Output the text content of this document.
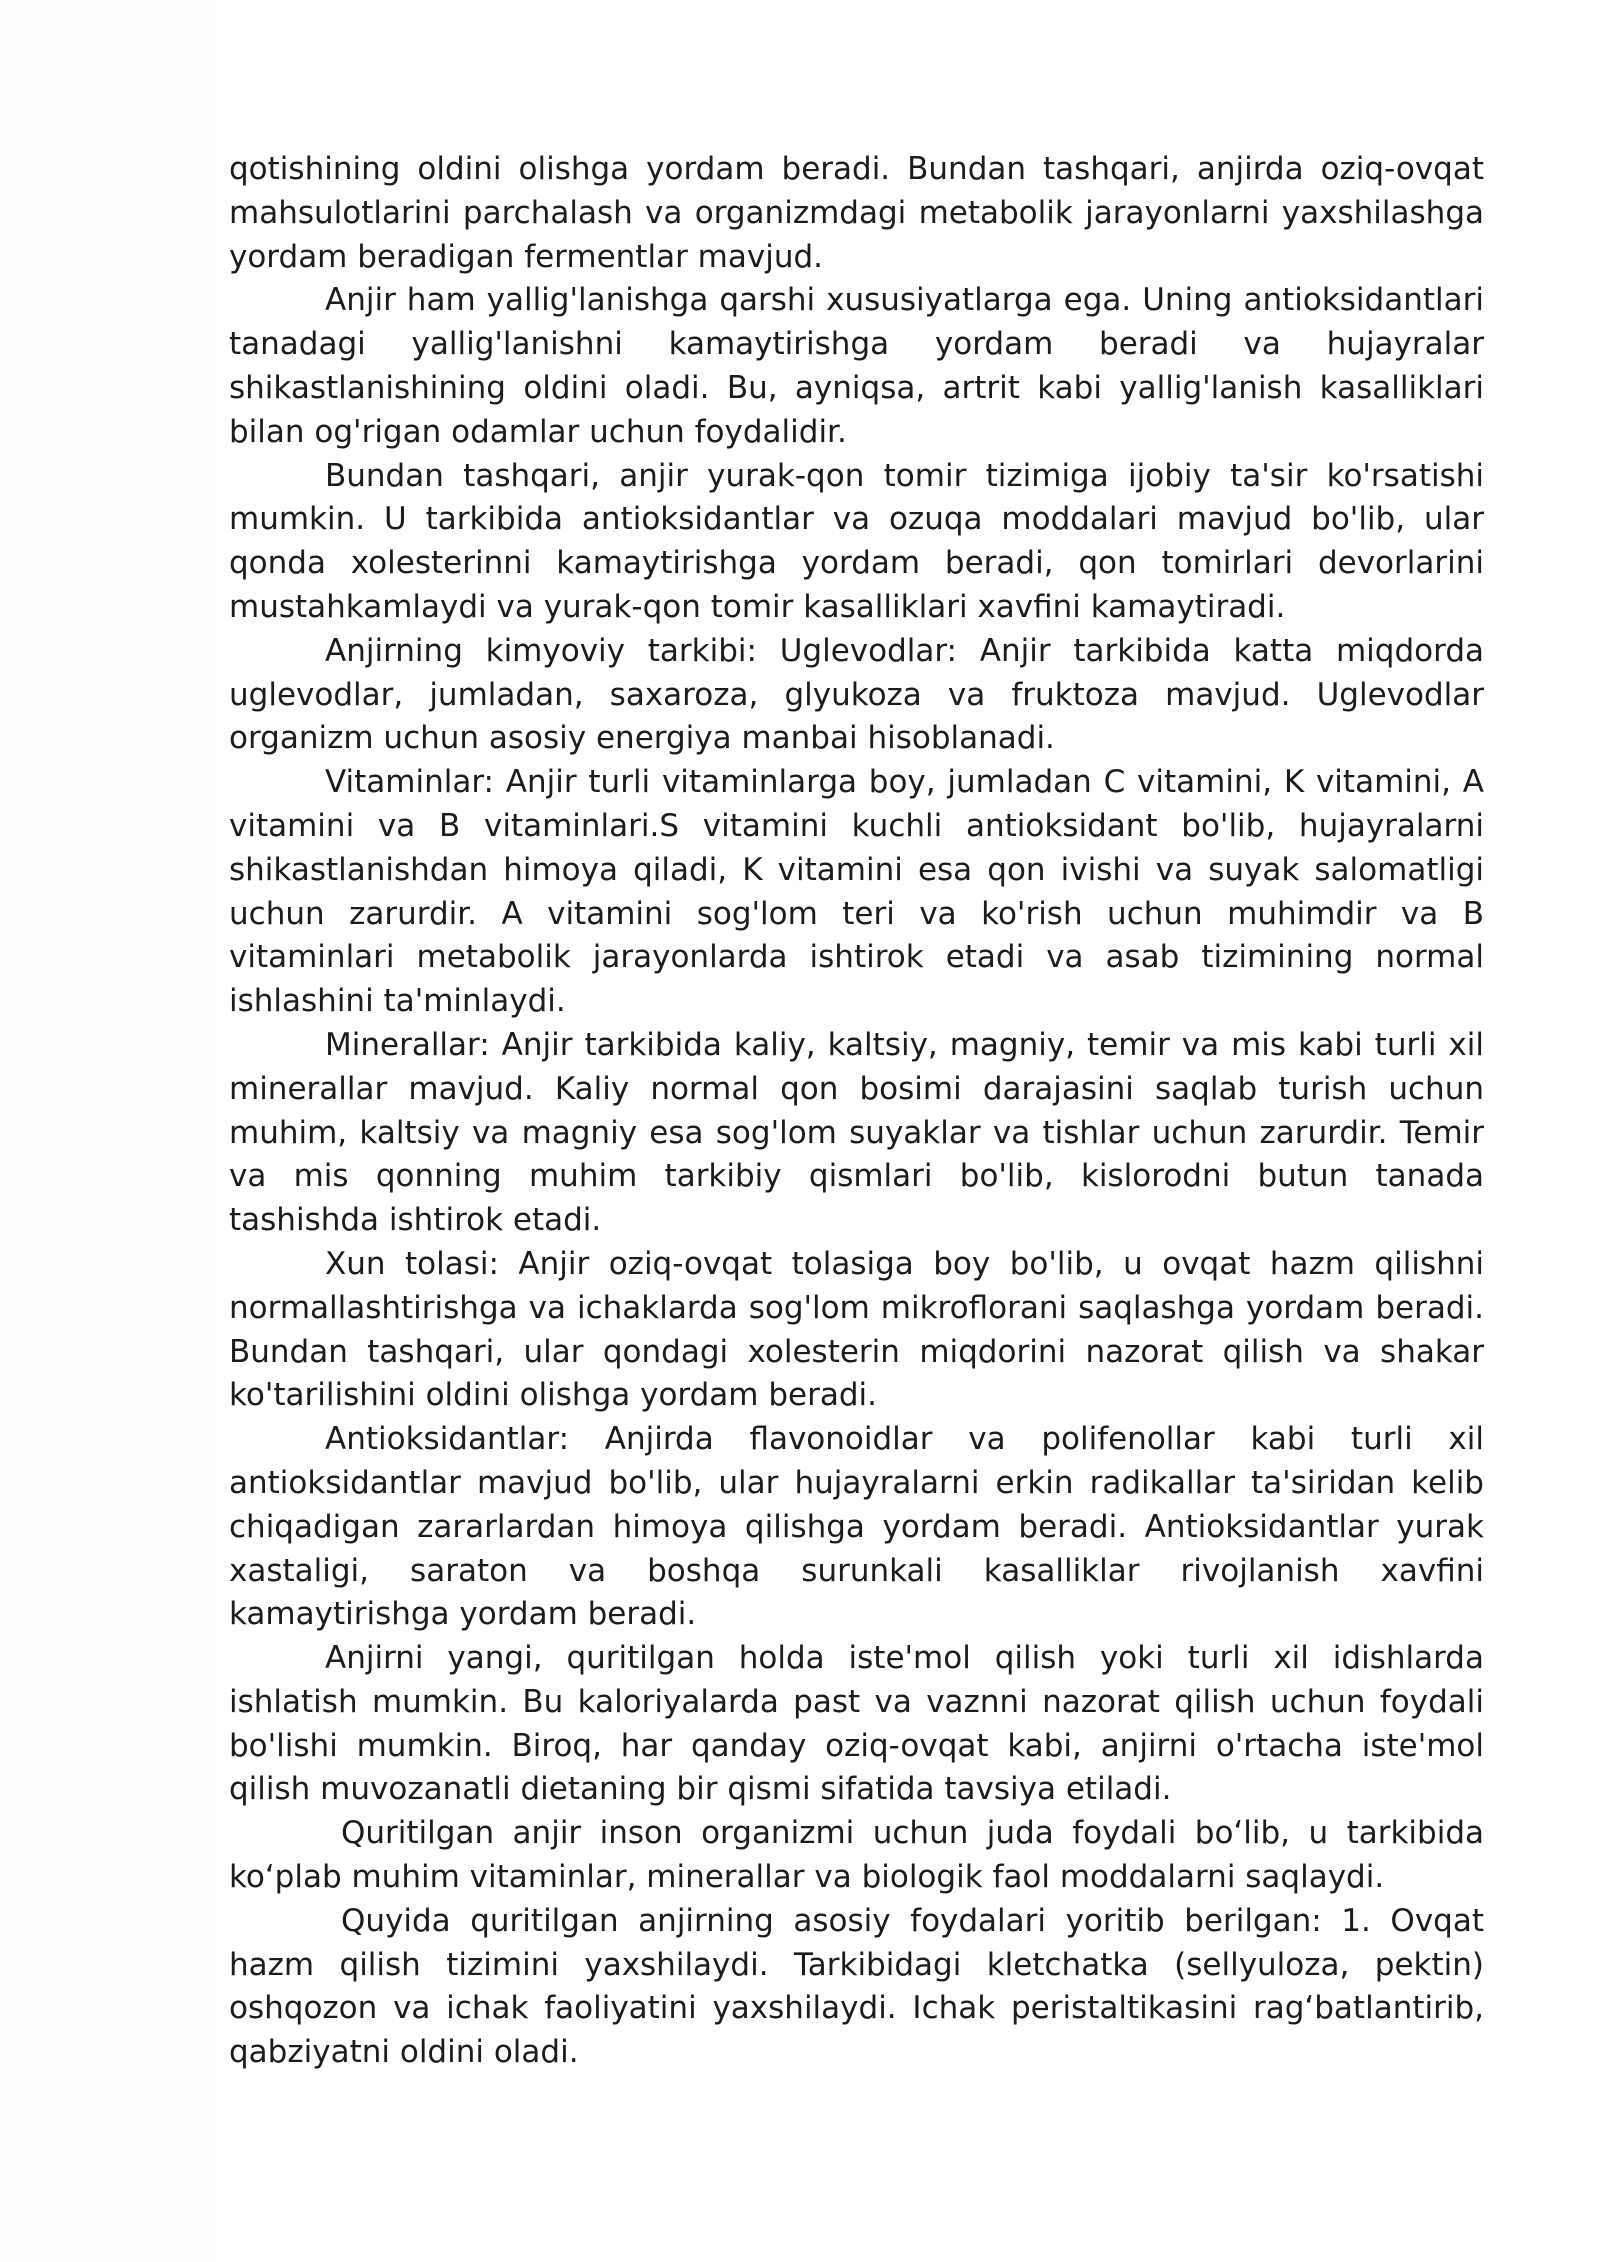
qotishining oldini olishga yordam beradi. Bundan tashqari, anjirda oziq-ovqat mahsulotlarini parchalash va organizmdagi metabolik jarayonlarni yaxshilashga yordam beradigan fermentlar mavjud.

Anjir ham yallig'lanishga qarshi xususiyatlarga ega. Uning antioksidantlari tanadagi yallig'lanishni kamaytirishga yordam beradi va hujayralar shikastlanishining oldini oladi. Bu, ayniqsa, artrit kabi yallig'lanish kasalliklari bilan og'rigan odamlar uchun foydalidir.

Bundan tashqari, anjir yurak-qon tomir tizimiga ijobiy ta'sir ko'rsatishi mumkin. U tarkibida antioksidantlar va ozuqa moddalari mavjud bo'lib, ular qonda xolesterinni kamaytirishga yordam beradi, qon tomirlari devorlarini mustahkamlaydi va yurak-qon tomir kasalliklari xavfini kamaytiradi.

Anjirning kimyoviy tarkibi: Uglevodlar: Anjir tarkibida katta miqdorda uglevodlar, jumladan, saxaroza, glyukoza va fruktoza mavjud. Uglevodlar organizm uchun asosiy energiya manbai hisoblanadi.

Vitaminlar: Anjir turli vitaminlarga boy, jumladan C vitamini, K vitamini, A vitamini va B vitaminlari.S vitamini kuchli antioksidant bo'lib, hujayralarni shikastlanishdan himoya qiladi, K vitamini esa qon ivishi va suyak salomatligi uchun zarurdir. A vitamini sog'lom teri va ko'rish uchun muhimdir va B vitaminlari metabolik jarayonlarda ishtirok etadi va asab tizimining normal ishlashini ta'minlaydi.

Minerallar: Anjir tarkibida kaliy, kaltsiy, magniy, temir va mis kabi turli xil minerallar mavjud. Kaliy normal qon bosimi darajasini saqlab turish uchun muhim, kaltsiy va magniy esa sog'lom suyaklar va tishlar uchun zarurdir. Temir va mis qonning muhim tarkibiy qismlari bo'lib, kislorodni butun tanada tashishda ishtirok etadi.

Xun tolasi: Anjir oziq-ovqat tolasiga boy bo'lib, u ovqat hazm qilishni normallashtirishga va ichaklarda sog'lom mikroflorani saqlashga yordam beradi. Bundan tashqari, ular qondagi xolesterin miqdorini nazorat qilish va shakar ko'tarilishini oldini olishga yordam beradi.

Antioksidantlar: Anjirda flavonoidlar va polifenollar kabi turli xil antioksidantlar mavjud bo'lib, ular hujayralarni erkin radikallar ta'siridan kelib chiqadigan zararlardan himoya qilishga yordam beradi. Antioksidantlar yurak xastaligi, saraton va boshqa surunkali kasalliklar rivojlanish xavfini kamaytirishga yordam beradi.

Anjirni yangi, quritilgan holda iste'mol qilish yoki turli xil idishlarda ishlatish mumkin. Bu kaloriyalarda past va vaznni nazorat qilish uchun foydali bo'lishi mumkin. Biroq, har qanday oziq-ovqat kabi, anjirni o'rtacha iste'mol qilish muvozanatli dietaning bir qismi sifatida tavsiya etiladi.

Quritilgan anjir inson organizmi uchun juda foydali bo‘lib, u tarkibida ko‘plab muhim vitaminlar, minerallar va biologik faol moddalarni saqlaydi.

Quyida quritilgan anjirning asosiy foydalari yoritib berilgan: 1. Ovqat hazm qilish tizimini yaxshilaydi. Tarkibidagi kletchatka (sellyuloza, pektin) oshqozon va ichak faoliyatini yaxshilaydi. Ichak peristaltikasini rag‘batlantirib, qabziyatni oldini oladi.
